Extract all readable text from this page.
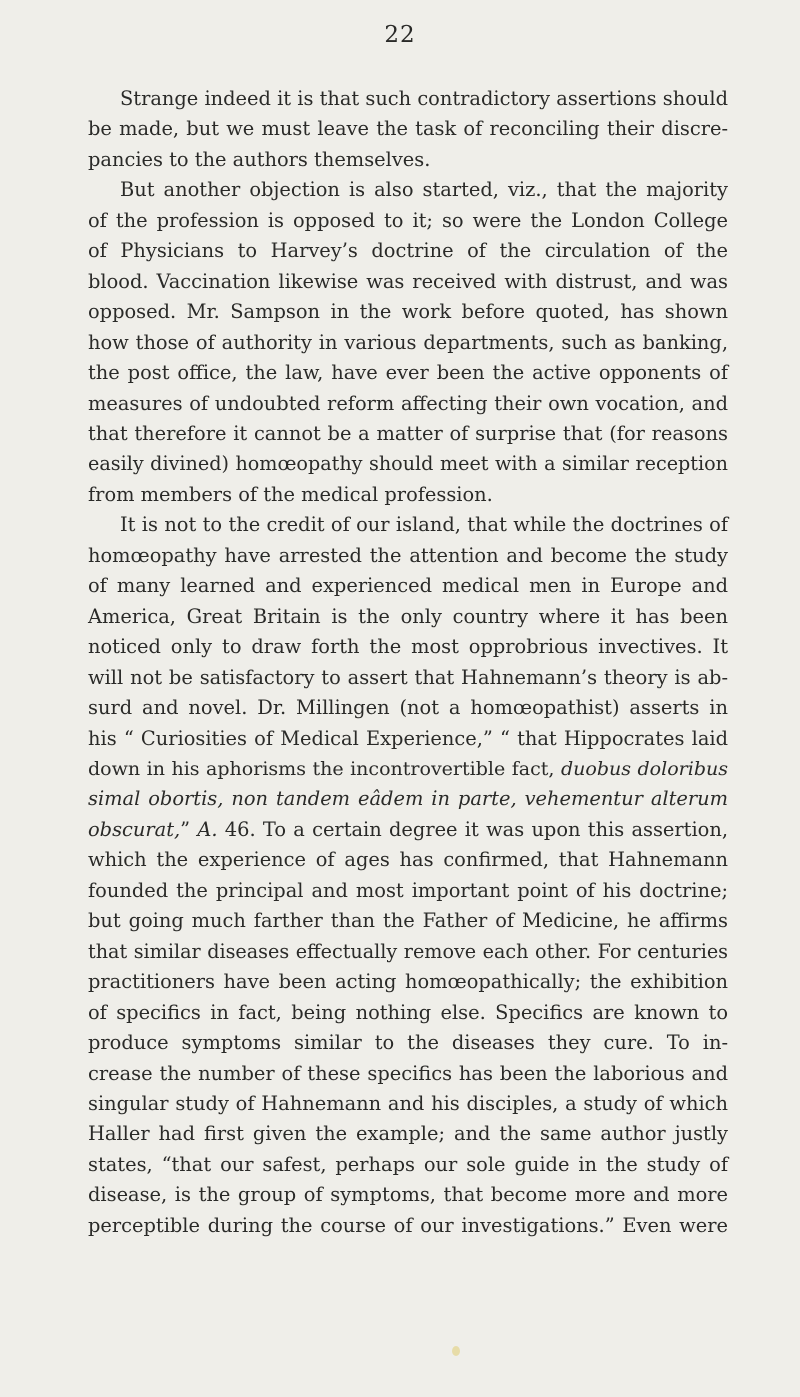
22
Strange indeed it is that such contradictory assertions should
be made, but we must leave the task of reconciling their discre-
pancies to the authors themselves.
But another objection is also started, viz., that the majority
of the profession is opposed to it; so were the London College
of Physicians to Harvey’s doctrine of the circulation of the
blood. Vaccination likewise was received with distrust, and was
opposed. Mr. Sampson in the work before quoted, has shown
how those of authority in various departments, such as banking,
the post office, the law, have ever been the active opponents of
measures of undoubted reform affecting their own vocation, and
that therefore it cannot be a matter of surprise that (for reasons
easily divined) homœopathy should meet with a similar reception
from members of the medical profession.
It is not to the credit of our island, that while the doctrines of
homœopathy have arrested the attention and become the study
of many learned and experienced medical men in Europe and
America, Great Britain is the only country where it has been
noticed only to draw forth the most opprobrious invectives. It
will not be satisfactory to assert that Hahnemann’s theory is ab-
surd and novel. Dr. Millingen (not a homœopathist) asserts in
his “ Curiosities of Medical Experience,” “ that Hippocrates laid
down in his aphorisms the incontrovertible fact, duobus doloribus
simal obortis, non tandem eâdem in parte, vehementur alterum
obscurat,” A. 46. To a certain degree it was upon this assertion,
which the experience of ages has confirmed, that Hahnemann
founded the principal and most important point of his doctrine;
but going much farther than the Father of Medicine, he affirms
that similar diseases effectually remove each other. For centuries
practitioners have been acting homœopathically; the exhibition
of specifics in fact, being nothing else. Specifics are known to
produce symptoms similar to the diseases they cure. To in-
crease the number of these specifics has been the laborious and
singular study of Hahnemann and his disciples, a study of which
Haller had first given the example; and the same author justly
states, “that our safest, perhaps our sole guide in the study of
disease, is the group of symptoms, that become more and more
perceptible during the course of our investigations.” Even were
